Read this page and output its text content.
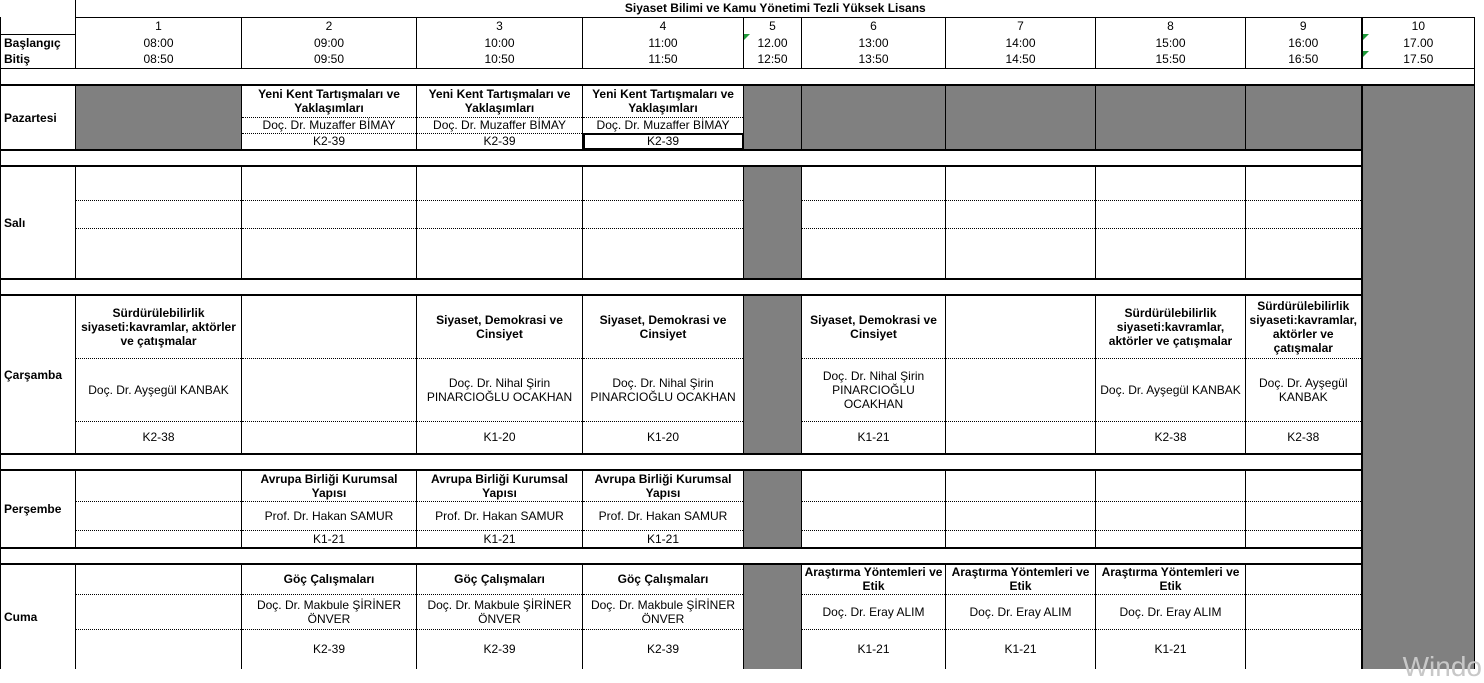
	Siyaset Bilimi ve Kamu Yönetimi Tezli Yüksek Lisans									
	1	2	3	4	5	6	7	8	9	10
Başlangıç	08:00	09:00	10:00	11:00	12.00	13:00	14:00	15:00	16:00	17.00
Bitiş	08:50	09:50	10:50	11:50	12:50	13:50	14:50	15:50	16:50	17.50

Pazartesi		Yeni Kent Tartışmaları ve Yaklaşımları	Yeni Kent Tartışmaları ve Yaklaşımları	Yeni Kent Tartışmaları ve Yaklaşımları						
		Doç. Dr. Muzaffer BİMAY	Doç. Dr. Muzaffer BİMAY	Doç. Dr. Muzaffer BİMAY						
		K2-39	K2-39	K2-39						

Salı										

Çarşamba	Sürdürülebilirlik siyaseti:kavramlar, aktörler ve çatışmalar		Siyaset, Demokrasi ve Cinsiyet	Siyaset, Demokrasi ve Cinsiyet		Siyaset, Demokrasi ve Cinsiyet		Sürdürülebilirlik siyaseti:kavramlar, aktörler ve çatışmalar	Sürdürülebilirlik siyaseti:kavramlar, aktörler ve çatışmalar	
	Doç. Dr. Ayşegül KANBAK		Doç. Dr. Nihal Şirin PINARCIOĞLU OCAKHAN	Doç. Dr. Nihal Şirin PINARCIOĞLU OCAKHAN		Doç. Dr. Nihal Şirin PINARCIOĞLU OCAKHAN		Doç. Dr. Ayşegül KANBAK	Doç. Dr. Ayşegül KANBAK	
	K2-38		K1-20	K1-20		K1-21		K2-38	K2-38	

Perşembe		Avrupa Birliği Kurumsal Yapısı	Avrupa Birliği Kurumsal Yapısı	Avrupa Birliği Kurumsal Yapısı						
		Prof. Dr. Hakan SAMUR	Prof. Dr. Hakan SAMUR	Prof. Dr. Hakan SAMUR						
		K1-21	K1-21	K1-21						

Cuma		Göç Çalışmaları	Göç Çalışmaları	Göç Çalışmaları		Araştırma Yöntemleri ve Etik	Araştırma Yöntemleri ve Etik	Araştırma Yöntemleri ve Etik		
		Doç. Dr. Makbule ŞİRİNER ÖNVER	Doç. Dr. Makbule ŞİRİNER ÖNVER	Doç. Dr. Makbule ŞİRİNER ÖNVER		Doç. Dr. Eray ALIM	Doç. Dr. Eray ALIM	Doç. Dr. Eray ALIM		
		K2-39	K2-39	K2-39		K1-21	K1-21	K1-21		
Windo
